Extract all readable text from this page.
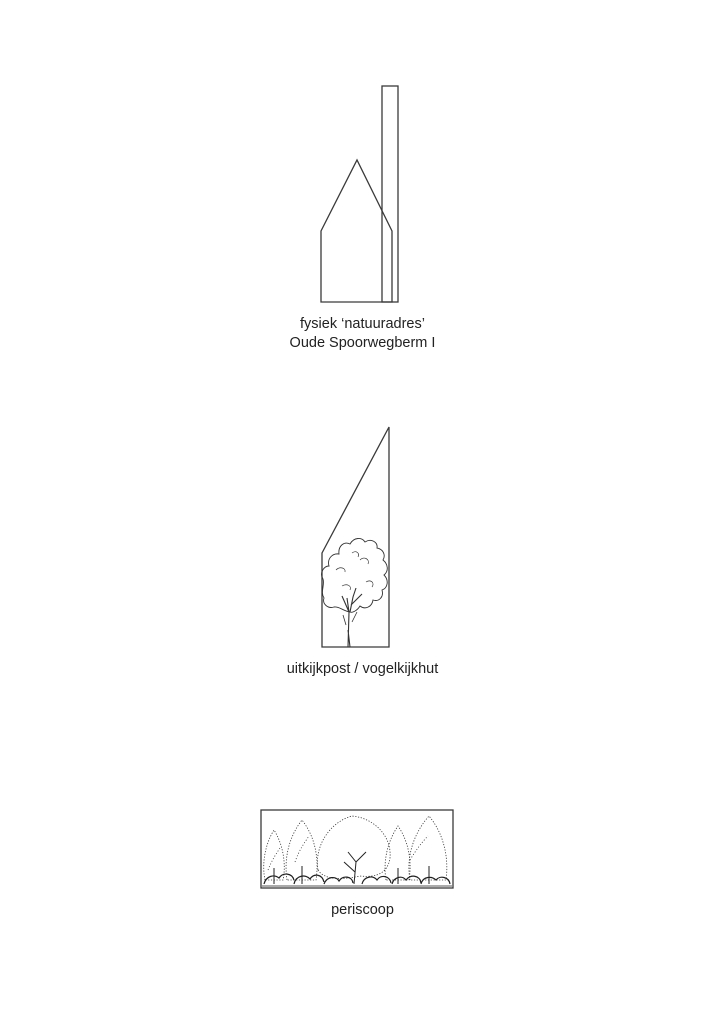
fysiek ‘natuuradres’
Oude Spoorwegberm I
uitkijkpost / vogelkijkhut
periscoop
